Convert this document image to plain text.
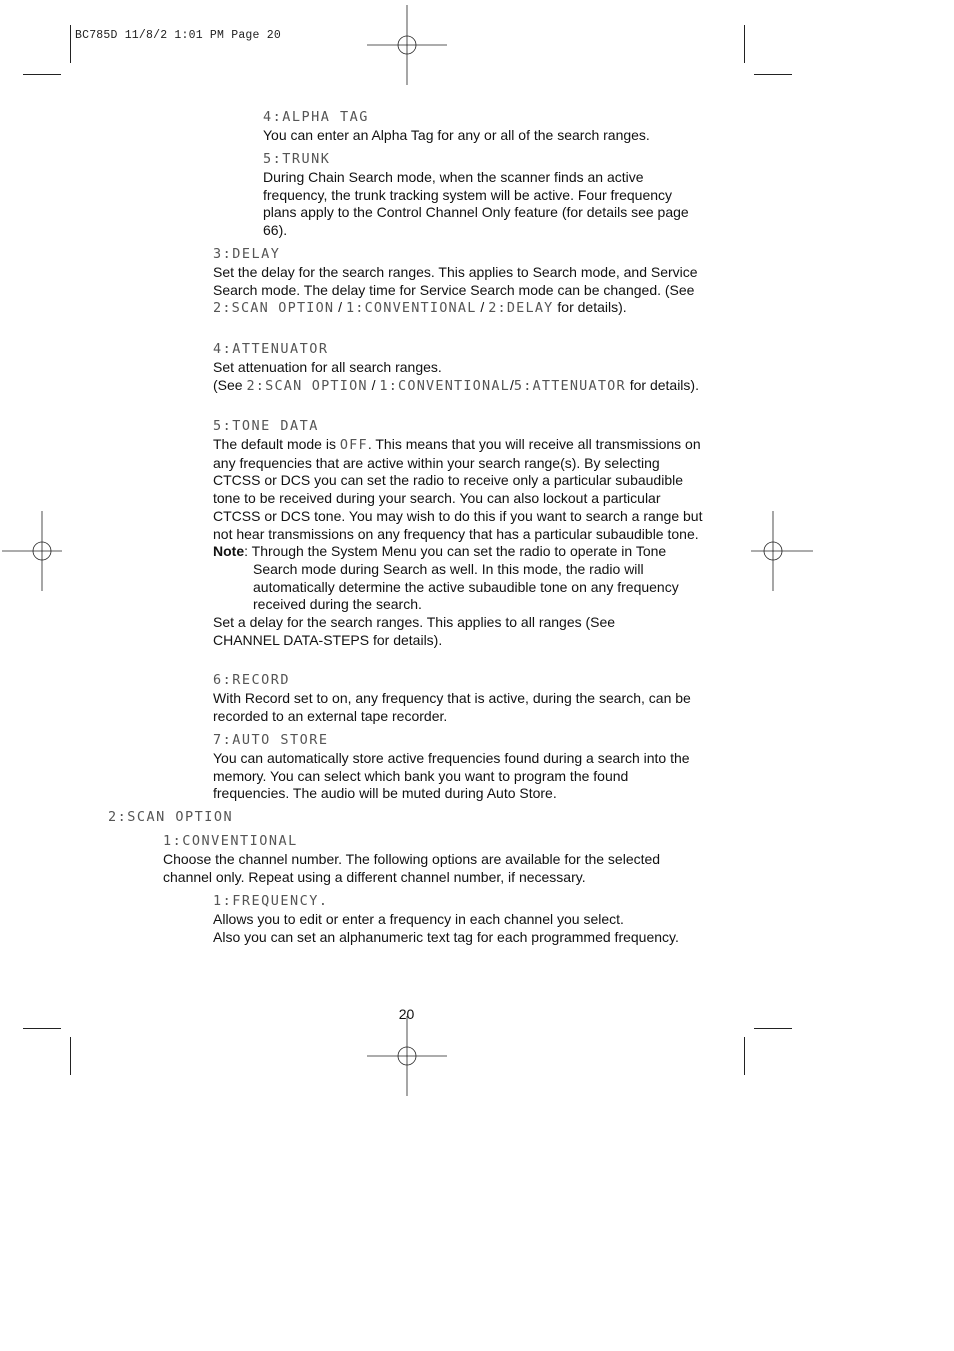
BC785D 11/8/2 1:01 PM Page 20
4:ALPHA TAG

You can enter an Alpha Tag for any or all of the search ranges.

5:TRUNK

During Chain Search mode, when the scanner finds an active frequency, the trunk tracking system will be active. Four frequency plans apply to the Control Channel Only feature (for details see page 66).

3:DELAY

Set the delay for the search ranges. This applies to Search mode, and Service Search mode. The delay time for Service Search mode can be changed. (See 2:SCAN OPTION / 1:CONVENTIONAL / 2:DELAY for details).

4:ATTENUATOR

Set attenuation for all search ranges.

(See 2:SCAN OPTION / 1:CONVENTIONAL/5:ATTENUATOR for details).

5:TONE DATA

The default mode is OFF. This means that you will receive all transmissions on any frequencies that are active within your search range(s). By selecting CTCSS or DCS you can set the radio to receive only a particular subaudible tone to be received during your search. You can also lockout a particular CTCSS or DCS tone. You may wish to do this if you want to search a range but not hear transmissions on any frequency that has a particular subaudible tone.

Note: Through the System Menu you can set the radio to operate in Tone

Search mode during Search as well. In this mode, the radio will automatically determine the active subaudible tone on any frequency received during the search.

Set a delay for the search ranges. This applies to all ranges (See CHANNEL DATA-STEPS for details).

6:RECORD

With Record set to on, any frequency that is active, during the search, can be recorded to an external tape recorder.

7:AUTO STORE

You can automatically store active frequencies found during a search into the memory. You can select which bank you want to program the found frequencies. The audio will be muted during Auto Store.

2:SCAN OPTION
1:CONVENTIONAL

Choose the channel number. The following options are available for the selected channel only. Repeat using a different channel number, if necessary.

1:FREQUENCY.

Allows you to edit or enter a frequency in each channel you select.

Also you can set an alphanumeric text tag for each programmed frequency.

20
